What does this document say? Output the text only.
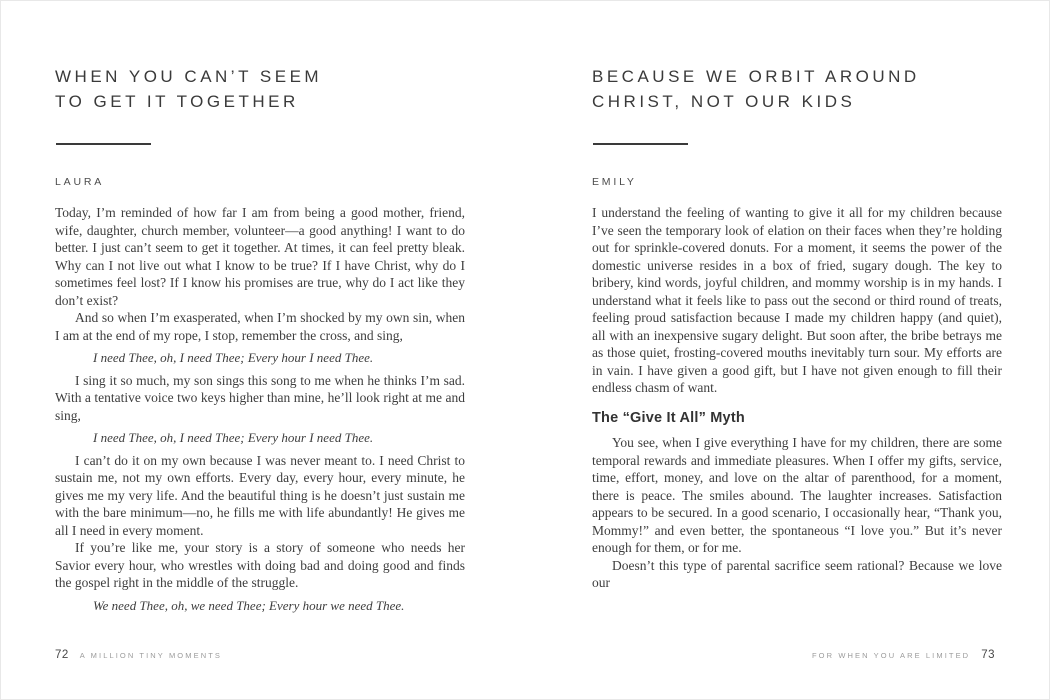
WHEN YOU CAN’T SEEM
TO GET IT TOGETHER
LAURA

Today, I’m reminded of how far I am from being a good mother, friend, wife, daughter, church member, volunteer—a good anything! I want to do better. I just can’t seem to get it together. At times, it can feel pretty bleak. Why can I not live out what I know to be true? If I have Christ, why do I sometimes feel lost? If I know his promises are true, why do I act like they don’t exist?

And so when I’m exasperated, when I’m shocked by my own sin, when I am at the end of my rope, I stop, remember the cross, and sing,

I need Thee, oh, I need Thee; Every hour I need Thee.

I sing it so much, my son sings this song to me when he thinks I’m sad. With a tentative voice two keys higher than mine, he’ll look right at me and sing,

I need Thee, oh, I need Thee; Every hour I need Thee.

I can’t do it on my own because I was never meant to. I need Christ to sustain me, not my own efforts. Every day, every hour, every minute, he gives me my very life. And the beautiful thing is he doesn’t just sustain me with the bare minimum—no, he fills me with life abundantly! He gives me all I need in every moment.

If you’re like me, your story is a story of someone who needs her Savior every hour, who wrestles with doing bad and doing good and finds the gospel right in the middle of the struggle.

We need Thee, oh, we need Thee; Every hour we need Thee.

BECAUSE WE ORBIT AROUND
CHRIST, NOT OUR KIDS
EMILY

I understand the feeling of wanting to give it all for my children because I’ve seen the temporary look of elation on their faces when they’re holding out for sprinkle-covered donuts. For a moment, it seems the power of the domestic universe resides in a box of fried, sugary dough. The key to bribery, kind words, joyful children, and mommy worship is in my hands. I understand what it feels like to pass out the second or third round of treats, feeling proud satisfaction because I made my children happy (and quiet), all with an inexpensive sugary delight. But soon after, the bribe betrays me as those quiet, frosting-covered mouths inevitably turn sour. My efforts are in vain. I have given a good gift, but I have not given enough to fill their endless chasm of want.

The “Give It All” Myth

You see, when I give everything I have for my children, there are some temporal rewards and immediate pleasures. When I offer my gifts, service, time, effort, money, and love on the altar of parenthood, for a moment, there is peace. The smiles abound. The laughter increases. Satisfaction appears to be secured. In a good scenario, I occasionally hear, “Thank you, Mommy!” and even better, the spontaneous “I love you.” But it’s never enough for them, or for me.

Doesn’t this type of parental sacrifice seem rational? Because we love our

72 A MILLION TINY MOMENTS	FOR WHEN YOU ARE LIMITED 73
